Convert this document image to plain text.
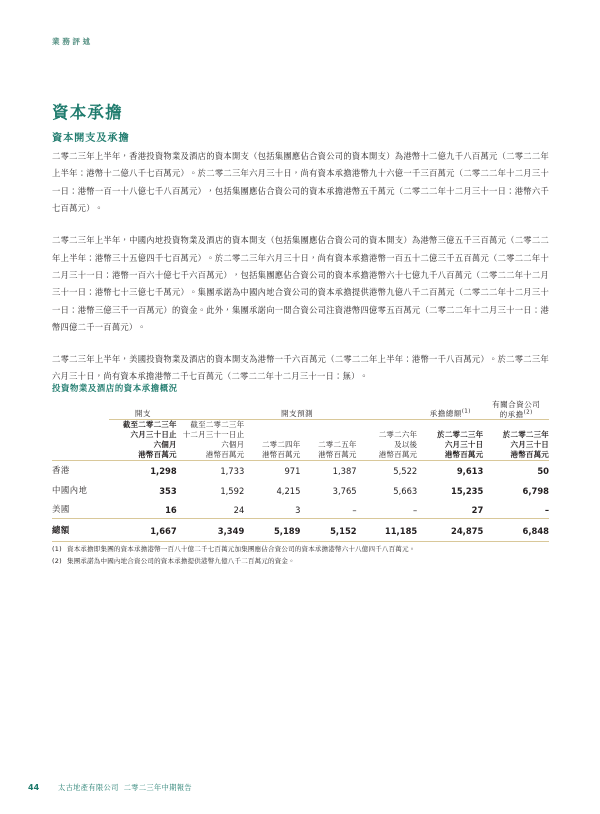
業務評述
資本承擔
資本開支及承擔

二零二三年上半年，香港投資物業及酒店的資本開支（包括集團應佔合資公司的資本開支）為港幣十二億九千八百萬元（二零二二年上半年：港幣十二億八千七百萬元）。於二零二三年六月三十日，尚有資本承擔港幣九十六億一千三百萬元（二零二二年十二月三十一日：港幣一百一十八億七千八百萬元），包括集團應佔合資公司的資本承擔港幣五千萬元（二零二二年十二月三十一日：港幣六千七百萬元）。

二零二三年上半年，中國內地投資物業及酒店的資本開支（包括集團應佔合資公司的資本開支）為港幣三億五千三百萬元（二零二二年上半年：港幣三十五億四千七百萬元）。於二零二三年六月三十日，尚有資本承擔港幣一百五十二億三千五百萬元（二零二二年十二月三十一日：港幣一百六十億七千六百萬元），包括集團應佔合資公司的資本承擔港幣六十七億九千八百萬元（二零二二年十二月三十一日：港幣七十三億七千萬元）。集團承諾為中國內地合資公司的資本承擔提供港幣九億八千二百萬元（二零二二年十二月三十一日：港幣三億三千一百萬元）的資金。此外，集團承諾向一間合資公司注資港幣四億零五百萬元（二零二二年十二月三十一日：港幣四億二千一百萬元）。

二零二三年上半年，美國投資物業及酒店的資本開支為港幣一千六百萬元（二零二二年上半年：港幣一千八百萬元）。於二零二三年六月三十日，尚有資本承擔港幣二千七百萬元（二零二二年十二月三十一日：無）。

投資物業及酒店的資本承擔概況
	開支	開支預測				承擔總額$^{(1)}$	有關合資公司
的承擔$^{(2)}$
	截至二零二三年
六月三十日止
六個月
港幣百萬元	截至二零二三年
十二月三十一日止
六個月
港幣百萬元	二零二四年
港幣百萬元	二零二五年
港幣百萬元	二零二六年
及以後
港幣百萬元	於二零二三年
六月三十日
港幣百萬元	於二零二三年
六月三十日
港幣百萬元
香港	1,298	1,733	971	1,387	5,522	9,613	50
中國內地	353	1,592	4,215	3,765	5,663	15,235	6,798
美國	16	24	3	–	–	27	–
總額	1,667	3,349	5,189	5,152	11,185	24,875	6,848
(1) 資本承擔即集團的資本承擔港幣一百八十億二千七百萬元加集團應佔合資公司的資本承擔港幣六十八億四千八百萬元。
(2) 集團承諾為中國內地合資公司的資本承擔提供港幣九億八千二百萬元的資金。
44	太古地產有限公司 二零二三年中期報告
